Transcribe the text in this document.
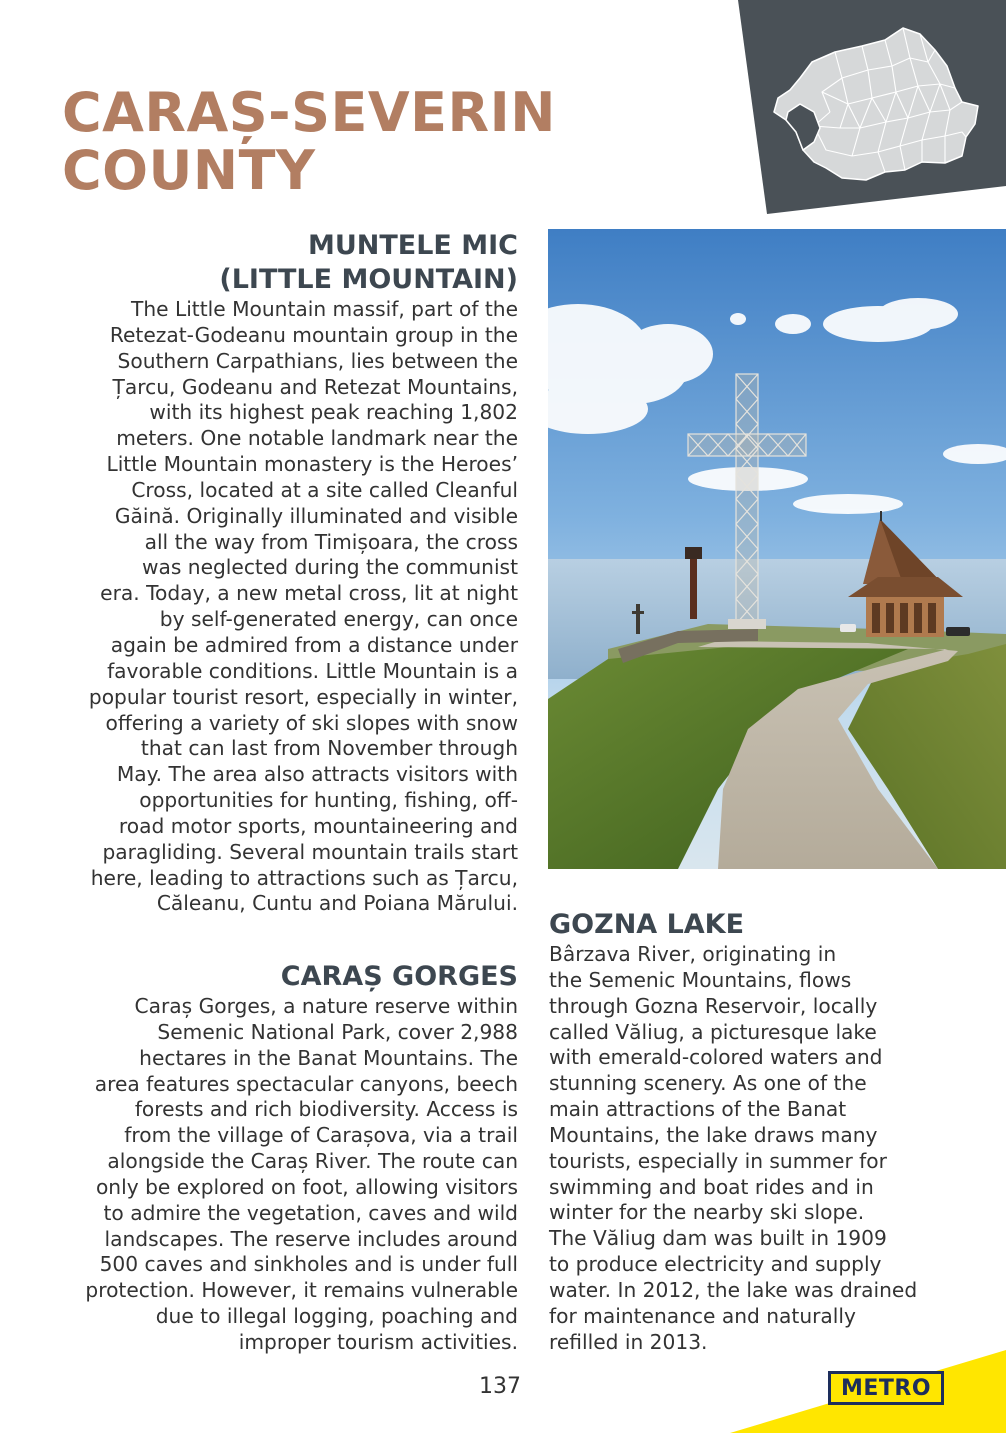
CARAȘ-SEVERIN
COUNTY
MUNTELE MIC
(LITTLE MOUNTAIN)

The Little Mountain massif, part of the
Retezat-Godeanu mountain group in the
Southern Carpathians, lies between the
Țarcu, Godeanu and Retezat Mountains,
with its highest peak reaching 1,802
meters. One notable landmark near the
Little Mountain monastery is the Heroes’
Cross, located at a site called Cleanful
Găină. Originally illuminated and visible
all the way from Timișoara, the cross
was neglected during the communist
era. Today, a new metal cross, lit at night
by self-generated energy, can once
again be admired from a distance under
favorable conditions. Little Mountain is a
popular tourist resort, especially in winter,
offering a variety of ski slopes with snow
that can last from November through
May. The area also attracts visitors with
opportunities for hunting, fishing, off-
road motor sports, mountaineering and
paragliding. Several mountain trails start
here, leading to attractions such as Țarcu,
Căleanu, Cuntu and Poiana Mărului.

CARAȘ GORGES

Caraș Gorges, a nature reserve within
Semenic National Park, cover 2,988
hectares in the Banat Mountains. The
area features spectacular canyons, beech
forests and rich biodiversity. Access is
from the village of Carașova, via a trail
alongside the Caraș River. The route can
only be explored on foot, allowing visitors
to admire the vegetation, caves and wild
landscapes. The reserve includes around
500 caves and sinkholes and is under full
protection. However, it remains vulnerable
due to illegal logging, poaching and
improper tourism activities.

GOZNA LAKE

Bârzava River, originating in
the Semenic Mountains, flows
through Gozna Reservoir, locally
called Văliug, a picturesque lake
with emerald-colored waters and
stunning scenery. As one of the
main attractions of the Banat
Mountains, the lake draws many
tourists, especially in summer for
swimming and boat rides and in
winter for the nearby ski slope.
The Văliug dam was built in 1909
to produce electricity and supply
water. In 2012, the lake was drained
for maintenance and naturally
refilled in 2013.

137	METRO
